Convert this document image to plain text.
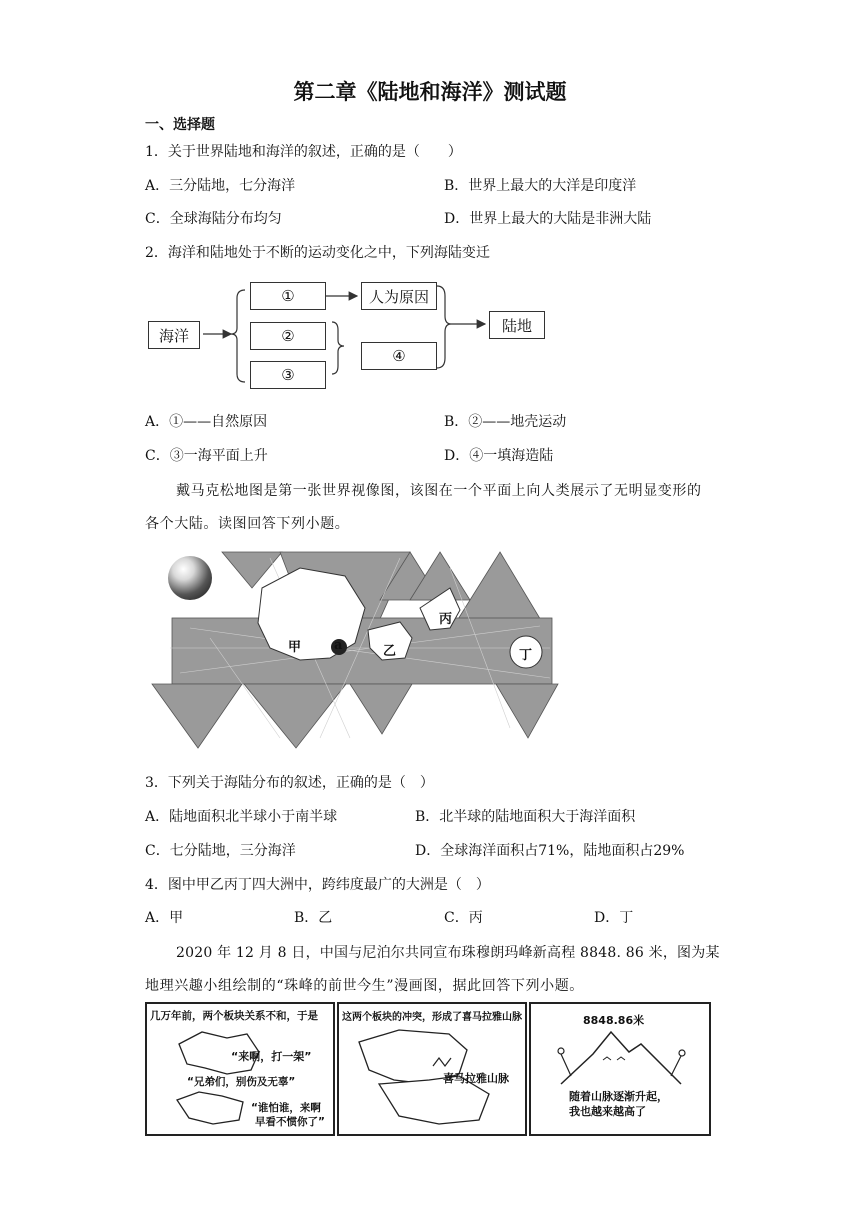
第二章《陆地和海洋》测试题
一、选择题
1．关于世界陆地和海洋的叙述，正确的是（　　）
A．三分陆地，七分海洋	B．世界上最大的大洋是印度洋
C．全球海陆分布均匀	D．世界上最大的大陆是非洲大陆
2．海洋和陆地处于不断的运动变化之中，下列海陆变迁
海洋
①
②
③
人为原因
④
陆地
A．①——自然原因	B．②——地壳运动
C．③一海平面上升	D．④一填海造陆
戴马克松地图是第一张世界视像图，该图在一个平面上向人类展示了无明显变形的
各个大陆。读图回答下列小题。
甲	a	乙
丙
丁
3．下列关于海陆分布的叙述，正确的是（　）
A．陆地面积北半球小于南半球	B．北半球的陆地面积大于海洋面积
C．七分陆地，三分海洋	D．全球海洋面积占71%，陆地面积占29%
4．图中甲乙丙丁四大洲中，跨纬度最广的大洲是（　）
A．甲	B．乙	C．丙	D．丁
2020 年 12 月 8 日，中国与尼泊尔共同宣布珠穆朗玛峰新高程 8848. 86 米，图为某
地理兴趣小组绘制的“珠峰的前世今生”漫画图，据此回答下列小题。
几万年前，两个板块关系不和，于是
“来啊，打一架”
“兄弟们，别伤及无辜”
“谁怕谁，来啊
早看不惯你了”
这两个板块的冲突，形成了喜马拉雅山脉
喜马拉雅山脉
8848.86米
随着山脉逐渐升起，
我也越来越高了
